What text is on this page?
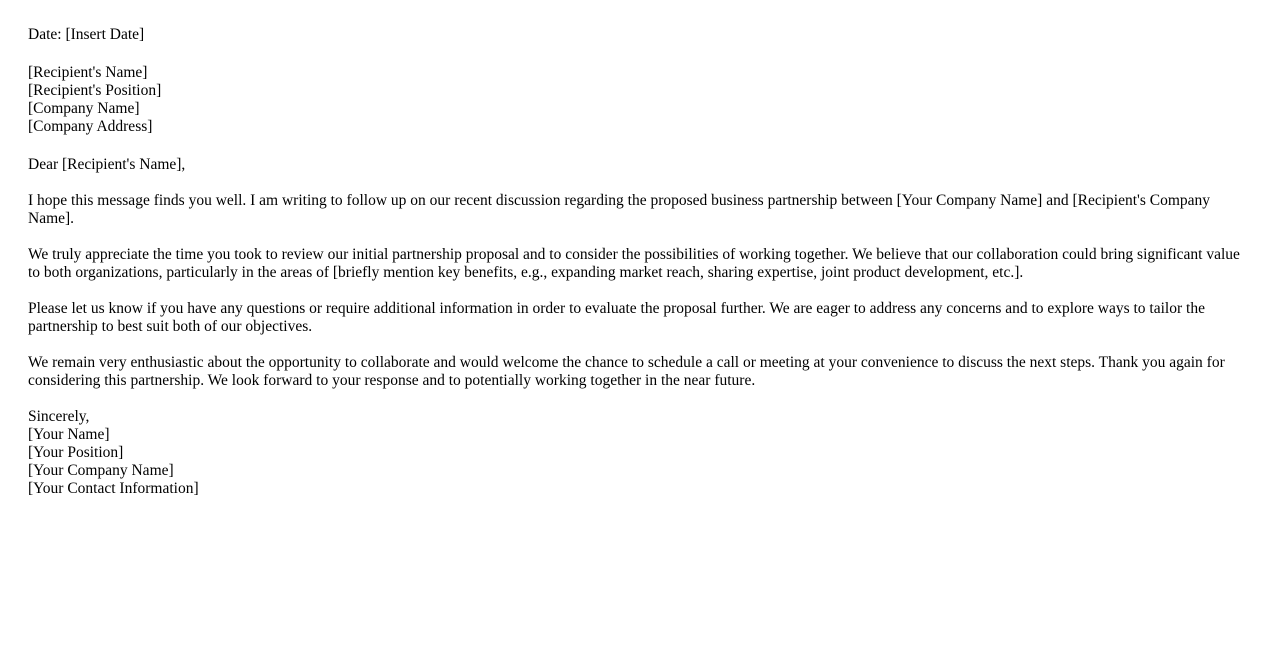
Date: [Insert Date]
[Recipient's Name]
[Recipient's Position]
[Company Name]
[Company Address]
Dear [Recipient's Name],
I hope this message finds you well. I am writing to follow up on our recent discussion regarding the proposed business partnership between [Your Company Name] and [Recipient's Company Name].
We truly appreciate the time you took to review our initial partnership proposal and to consider the possibilities of working together. We believe that our collaboration could bring significant value to both organizations, particularly in the areas of [briefly mention key benefits, e.g., expanding market reach, sharing expertise, joint product development, etc.].
Please let us know if you have any questions or require additional information in order to evaluate the proposal further. We are eager to address any concerns and to explore ways to tailor the partnership to best suit both of our objectives.
We remain very enthusiastic about the opportunity to collaborate and would welcome the chance to schedule a call or meeting at your convenience to discuss the next steps. Thank you again for considering this partnership. We look forward to your response and to potentially working together in the near future.
Sincerely,
[Your Name]
[Your Position]
[Your Company Name]
[Your Contact Information]
